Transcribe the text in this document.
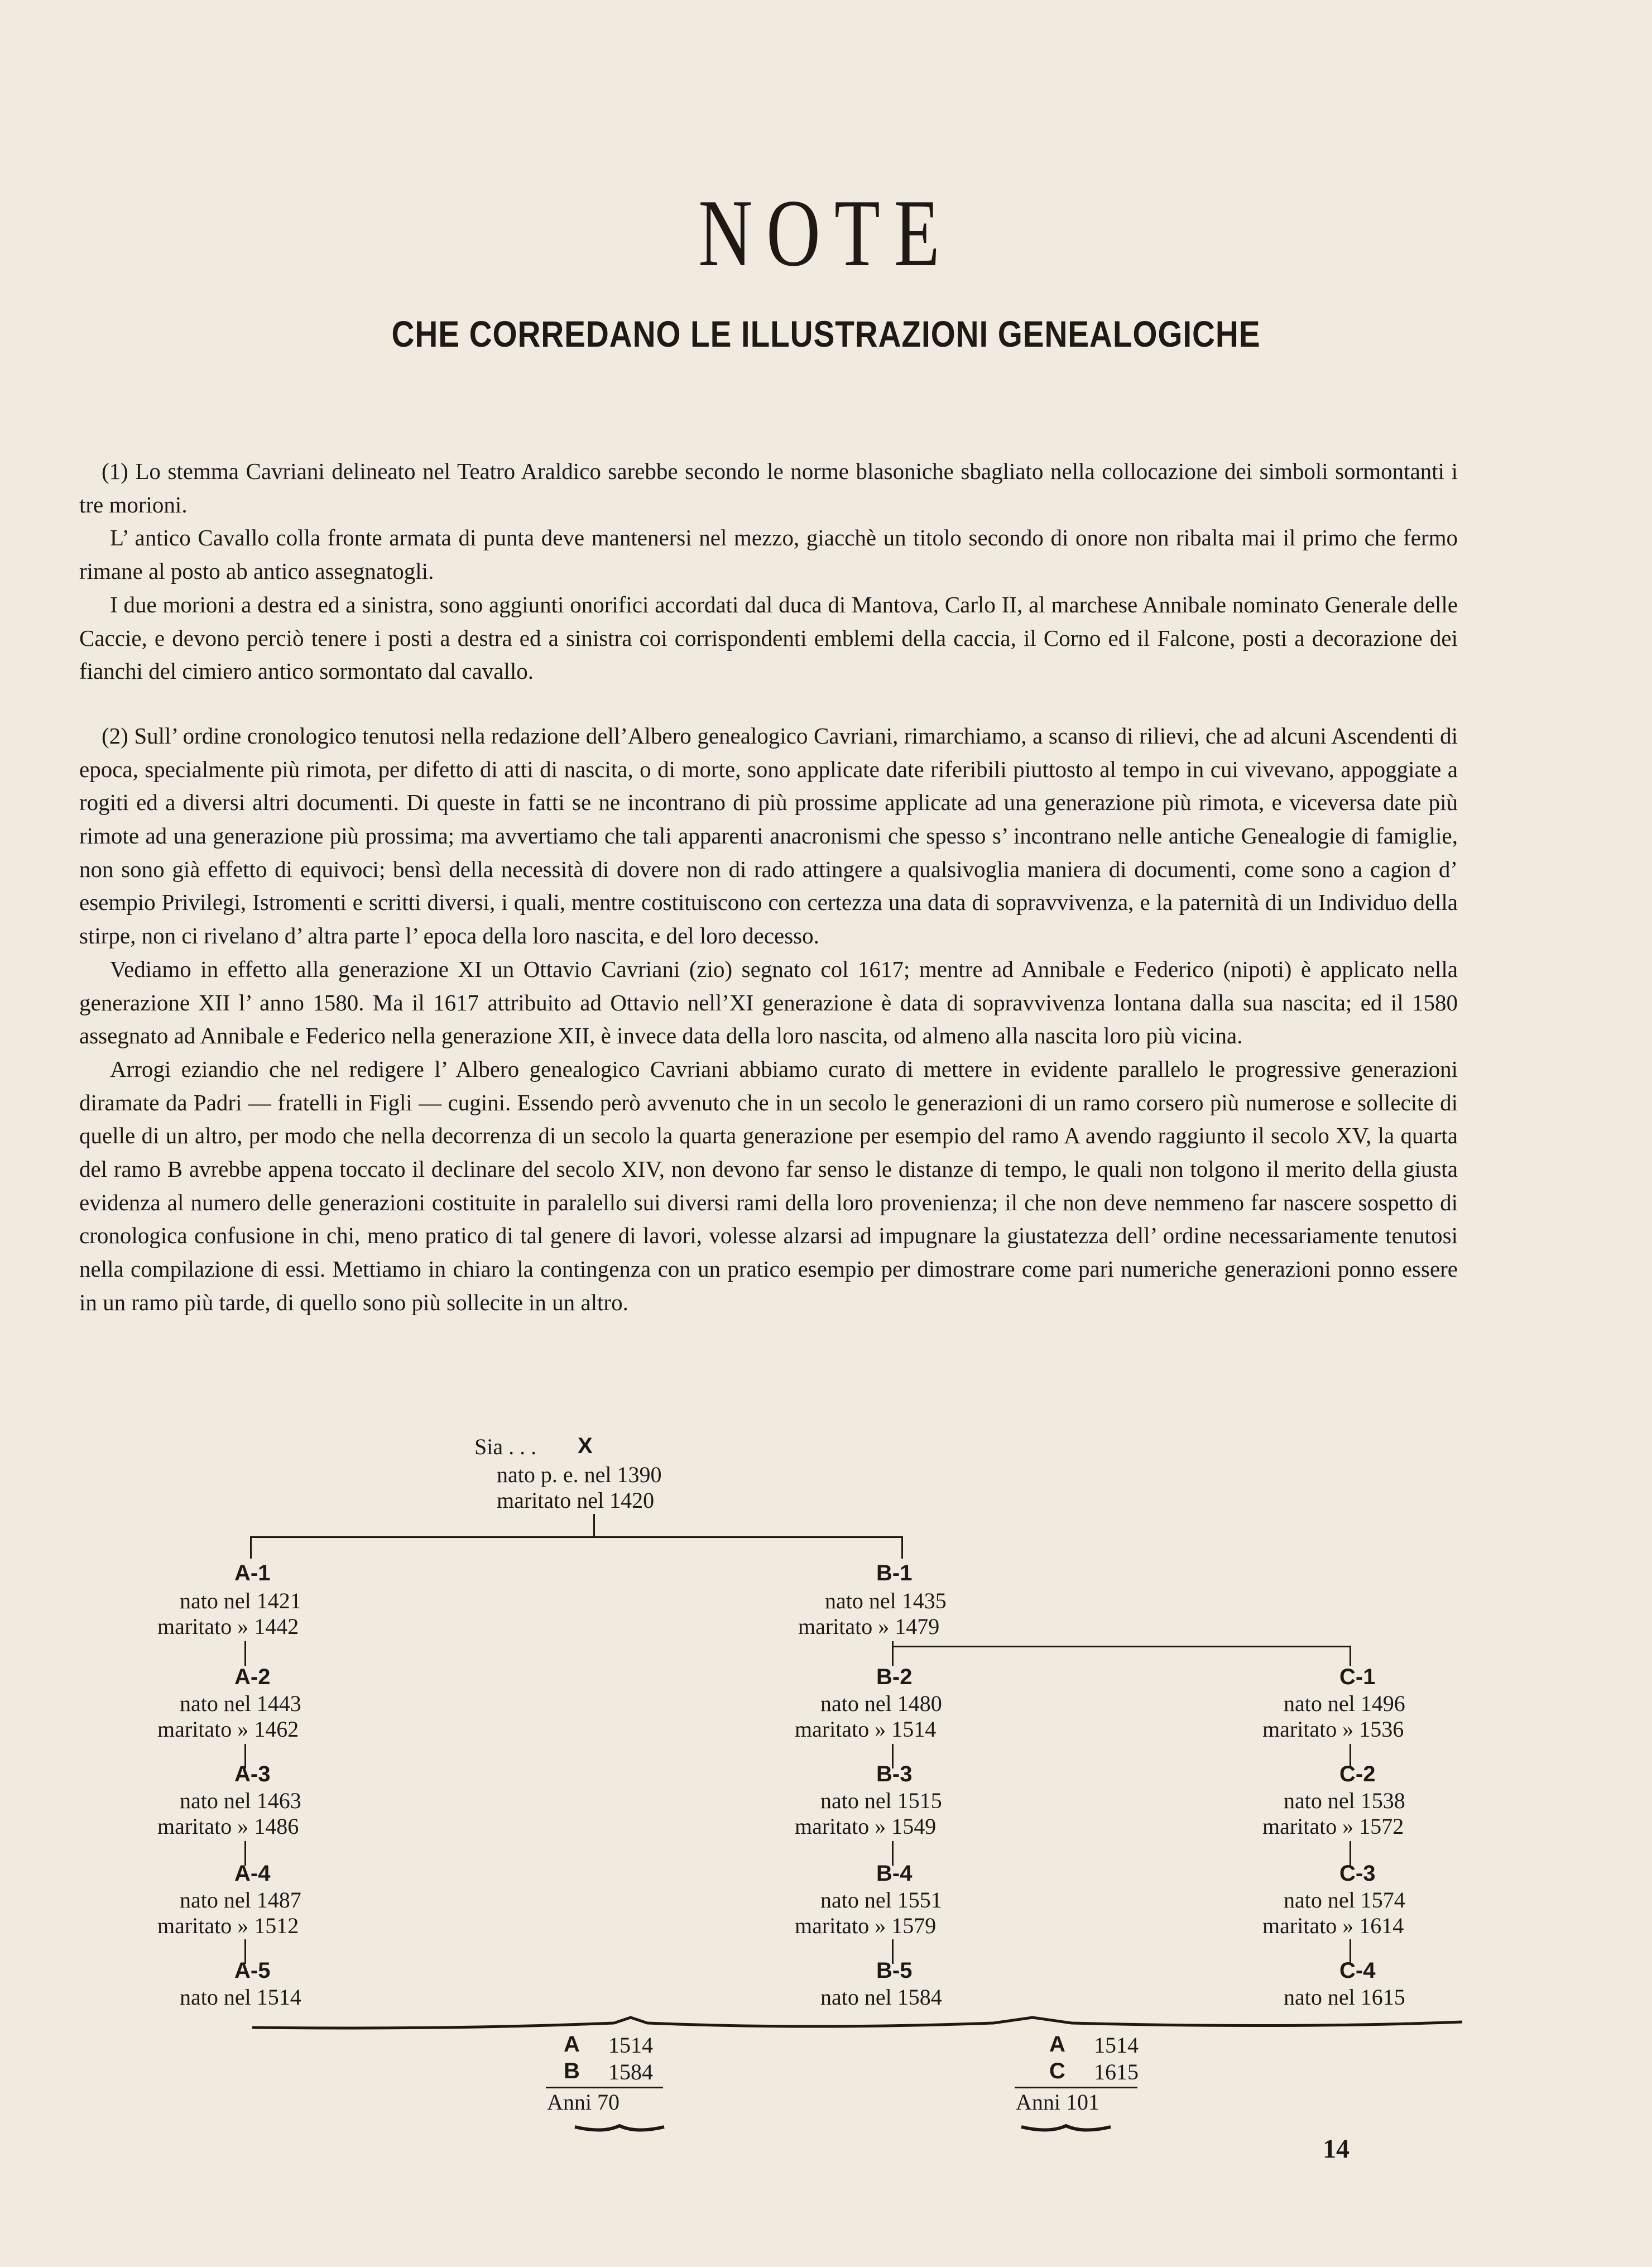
NOTE
CHE CORREDANO LE ILLUSTRAZIONI GENEALOGICHE

(1) Lo stemma Cavriani delineato nel Teatro Araldico sarebbe secondo le norme blasoniche sbagliato nella collocazione dei simboli sormontanti i tre morioni.

L’ antico Cavallo colla fronte armata di punta deve mantenersi nel mezzo, giacchè un titolo secondo di onore non ribalta mai il primo che fermo rimane al posto ab antico assegnatogli.

I due morioni a destra ed a sinistra, sono aggiunti onorifici accordati dal duca di Mantova, Carlo II, al marchese Annibale nominato Generale delle Caccie, e devono perciò tenere i posti a destra ed a sinistra coi corrispondenti emblemi della caccia, il Corno ed il Falcone, posti a decorazione dei fianchi del cimiero antico sormontato dal cavallo.

(2) Sull’ ordine cronologico tenutosi nella redazione dell’Albero genealogico Cavriani, rimarchiamo, a scanso di rilievi, che ad alcuni Ascendenti di epoca, specialmente più rimota, per difetto di atti di nascita, o di morte, sono applicate date riferibili piuttosto al tempo in cui vivevano, appoggiate a rogiti ed a diversi altri documenti. Di queste in fatti se ne incontrano di più prossime applicate ad una generazione più rimota, e viceversa date più rimote ad una generazione più prossima; ma avvertiamo che tali apparenti anacronismi che spesso s’ incontrano nelle antiche Genealogie di famiglie, non sono già effetto di equivoci; bensì della necessità di dovere non di rado attingere a qualsivoglia maniera di documenti, come sono a cagion d’ esempio Privilegi, Istromenti e scritti diversi, i quali, mentre costituiscono con certezza una data di sopravvivenza, e la paternità di un Individuo della stirpe, non ci rivelano d’ altra parte l’ epoca della loro nascita, e del loro decesso.

Vediamo in effetto alla generazione XI un Ottavio Cavriani (zio) segnato col 1617; mentre ad Annibale e Federico (nipoti) è applicato nella generazione XII l’ anno 1580. Ma il 1617 attribuito ad Ottavio nell’XI generazione è data di sopravvivenza lontana dalla sua nascita; ed il 1580 assegnato ad Annibale e Federico nella generazione XII, è invece data della loro nascita, od almeno alla nascita loro più vicina.

Arrogi eziandio che nel redigere l’ Albero genealogico Cavriani abbiamo curato di mettere in evidente parallelo le progressive generazioni diramate da Padri — fratelli in Figli — cugini. Essendo però avvenuto che in un secolo le generazioni di un ramo corsero più numerose e sollecite di quelle di un altro, per modo che nella decorrenza di un secolo la quarta generazione per esempio del ramo A avendo raggiunto il secolo XV, la quarta del ramo B avrebbe appena toccato il declinare del secolo XIV, non devono far senso le distanze di tempo, le quali non tolgono il merito della giusta evidenza al numero delle generazioni costituite in paralello sui diversi rami della loro provenienza; il che non deve nemmeno far nascere sospetto di cronologica confusione in chi, meno pratico di tal genere di lavori, volesse alzarsi ad impugnare la giustatezza dell’ ordine necessariamente tenutosi nella compilazione di essi. Mettiamo in chiaro la contingenza con un pratico esempio per dimostrare come pari numeriche generazioni ponno essere in un ramo più tarde, di quello sono più sollecite in un altro.

Sia . . . X
nato p. e. nel 1390
maritato nel 1420
A-1
nato nel 1421
maritato » 1442
A-2
nato nel 1443
maritato » 1462
A-3
nato nel 1463
maritato » 1486
A-4
nato nel 1487
maritato » 1512
A-5
nato nel 1514
B-1
nato nel 1435
maritato » 1479
B-2
nato nel 1480
maritato » 1514
B-3
nato nel 1515
maritato » 1549
B-4
nato nel 1551
maritato » 1579
B-5
nato nel 1584
C-1
nato nel 1496
maritato » 1536
C-2
nato nel 1538
maritato » 1572
C-3
nato nel 1574
maritato » 1614
C-4
nato nel 1615
A 1514
B 1584
Anni 70
A 1514
C 1615
Anni 101
14
